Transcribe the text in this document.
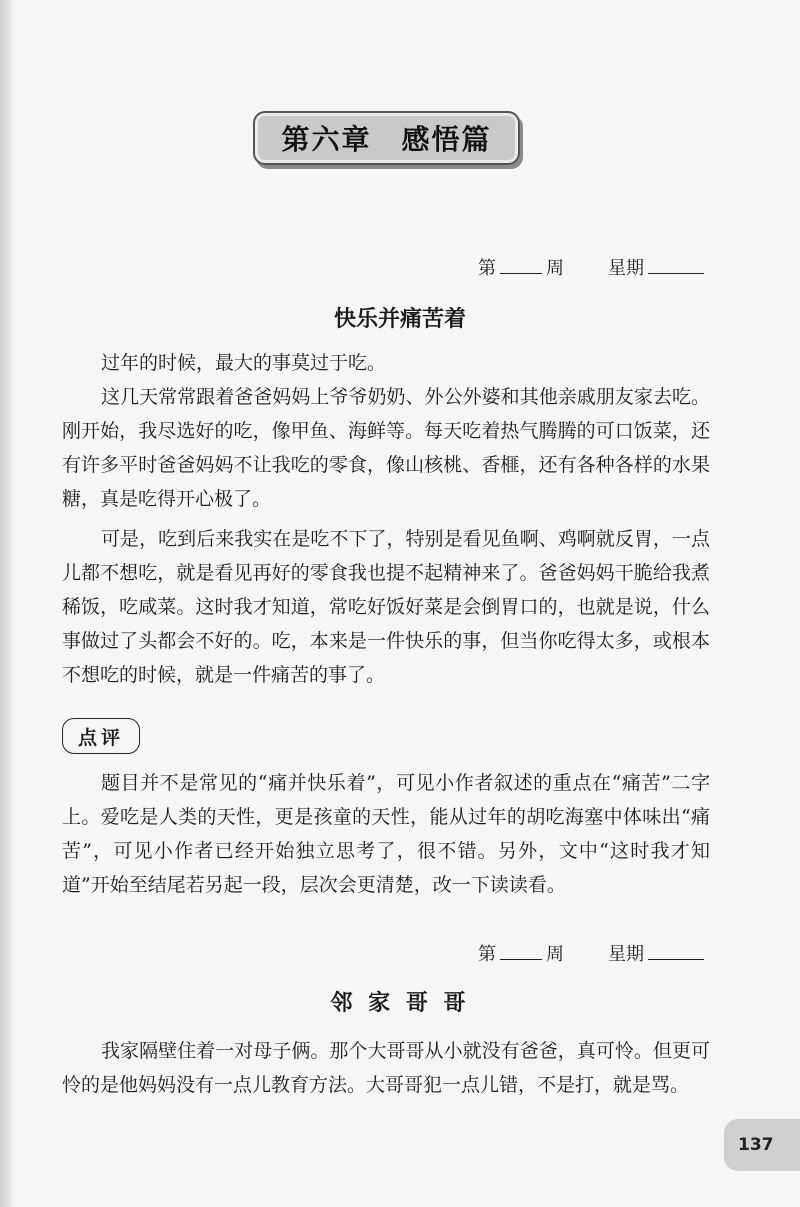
第六章　感悟篇
第	周 星期
快乐并痛苦着

过年的时候，最大的事莫过于吃。

这几天常常跟着爸爸妈妈上爷爷奶奶、外公外婆和其他亲戚朋友家去吃。刚开始，我尽选好的吃，像甲鱼、海鲜等。每天吃着热气腾腾的可口饭菜，还有许多平时爸爸妈妈不让我吃的零食，像山核桃、香榧，还有各种各样的水果糖，真是吃得开心极了。

可是，吃到后来我实在是吃不下了，特别是看见鱼啊、鸡啊就反胃，一点儿都不想吃，就是看见再好的零食我也提不起精神来了。爸爸妈妈干脆给我煮稀饭，吃咸菜。这时我才知道，常吃好饭好菜是会倒胃口的，也就是说，什么事做过了头都会不好的。吃，本来是一件快乐的事，但当你吃得太多，或根本不想吃的时候，就是一件痛苦的事了。

点评

题目并不是常见的“痛并快乐着”，可见小作者叙述的重点在“痛苦”二字上。爱吃是人类的天性，更是孩童的天性，能从过年的胡吃海塞中体味出“痛苦”，可见小作者已经开始独立思考了，很不错。另外，文中“这时我才知道”开始至结尾若另起一段，层次会更清楚，改一下读读看。

第	周 星期
邻 家 哥 哥

我家隔壁住着一对母子俩。那个大哥哥从小就没有爸爸，真可怜。但更可怜的是他妈妈没有一点儿教育方法。大哥哥犯一点儿错，不是打，就是骂。

137
